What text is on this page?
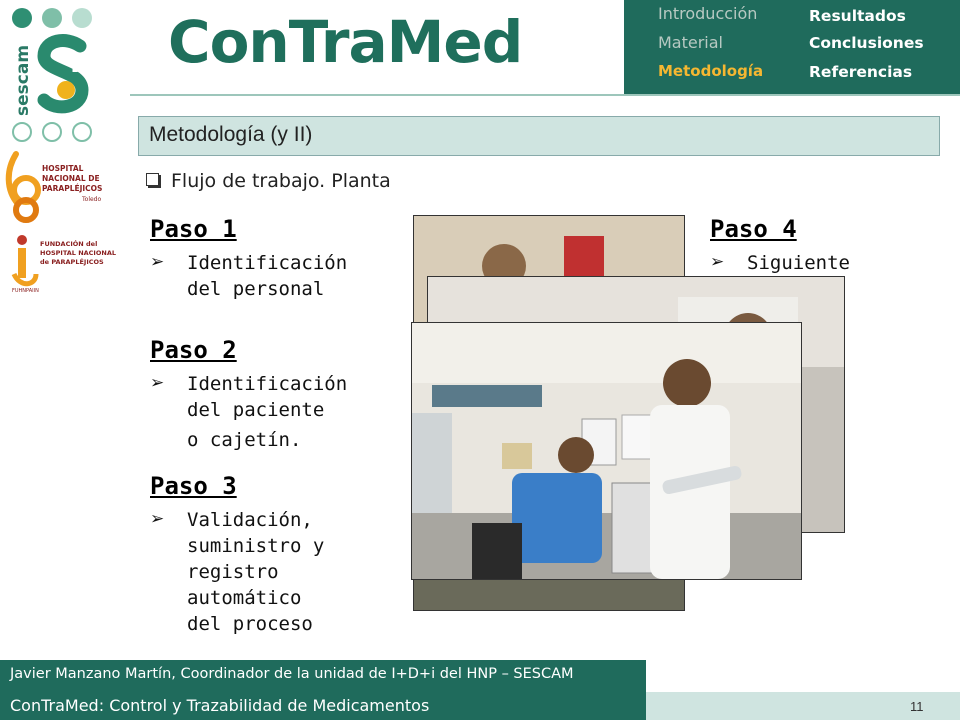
sescam
HOSPITAL
NACIONAL DE
PARAPLÉJICOS
Toledo
FUNDACIÓN del
HOSPITAL NACIONAL
de PARAPLÉJICOS
FUHNPAIIN
ConTraMed	Introducción
Material
Metodología
Resultados
Conclusiones
Referencias
Metodología (y II)
Flujo de trabajo. Planta
Paso 1
➢ Identificación
del personal
Paso 2
➢ Identificación
del paciente
o cajetín.
Paso 3
➢ Validación,
suministro y
registro
automático
del proceso
Paso 4
➢ Siguiente
Javier Manzano Martín, Coordinador de la unidad de I+D+i del HNP – SESCAM
ConTraMed: Control y Trazabilidad de Medicamentos	11
